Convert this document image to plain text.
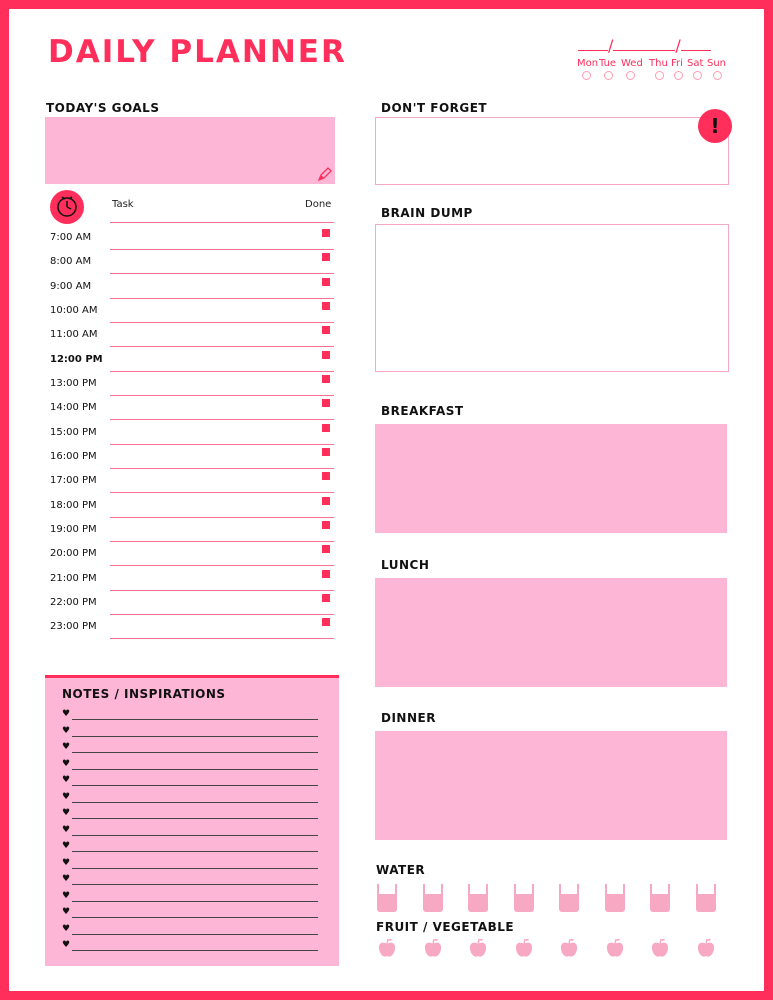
DAILY PLANNER	/	/
MonTue Wed Thu Fri Sat Sun
TODAY'S GOALS
Task	Done
7:00 AM
8:00 AM
9:00 AM
10:00 AM
11:00 AM
12:00 PM
13:00 PM
14:00 PM
15:00 PM
16:00 PM
17:00 PM
18:00 PM
19:00 PM
20:00 PM
21:00 PM
22:00 PM
23:00 PM
NOTES / INSPIRATIONS
♥
♥
♥
♥
♥
♥
♥
♥
♥
♥
♥
♥
♥
♥
♥
DON'T FORGET
!
BRAIN DUMP
BREAKFAST
LUNCH
DINNER
WATER
FRUIT / VEGETABLE
